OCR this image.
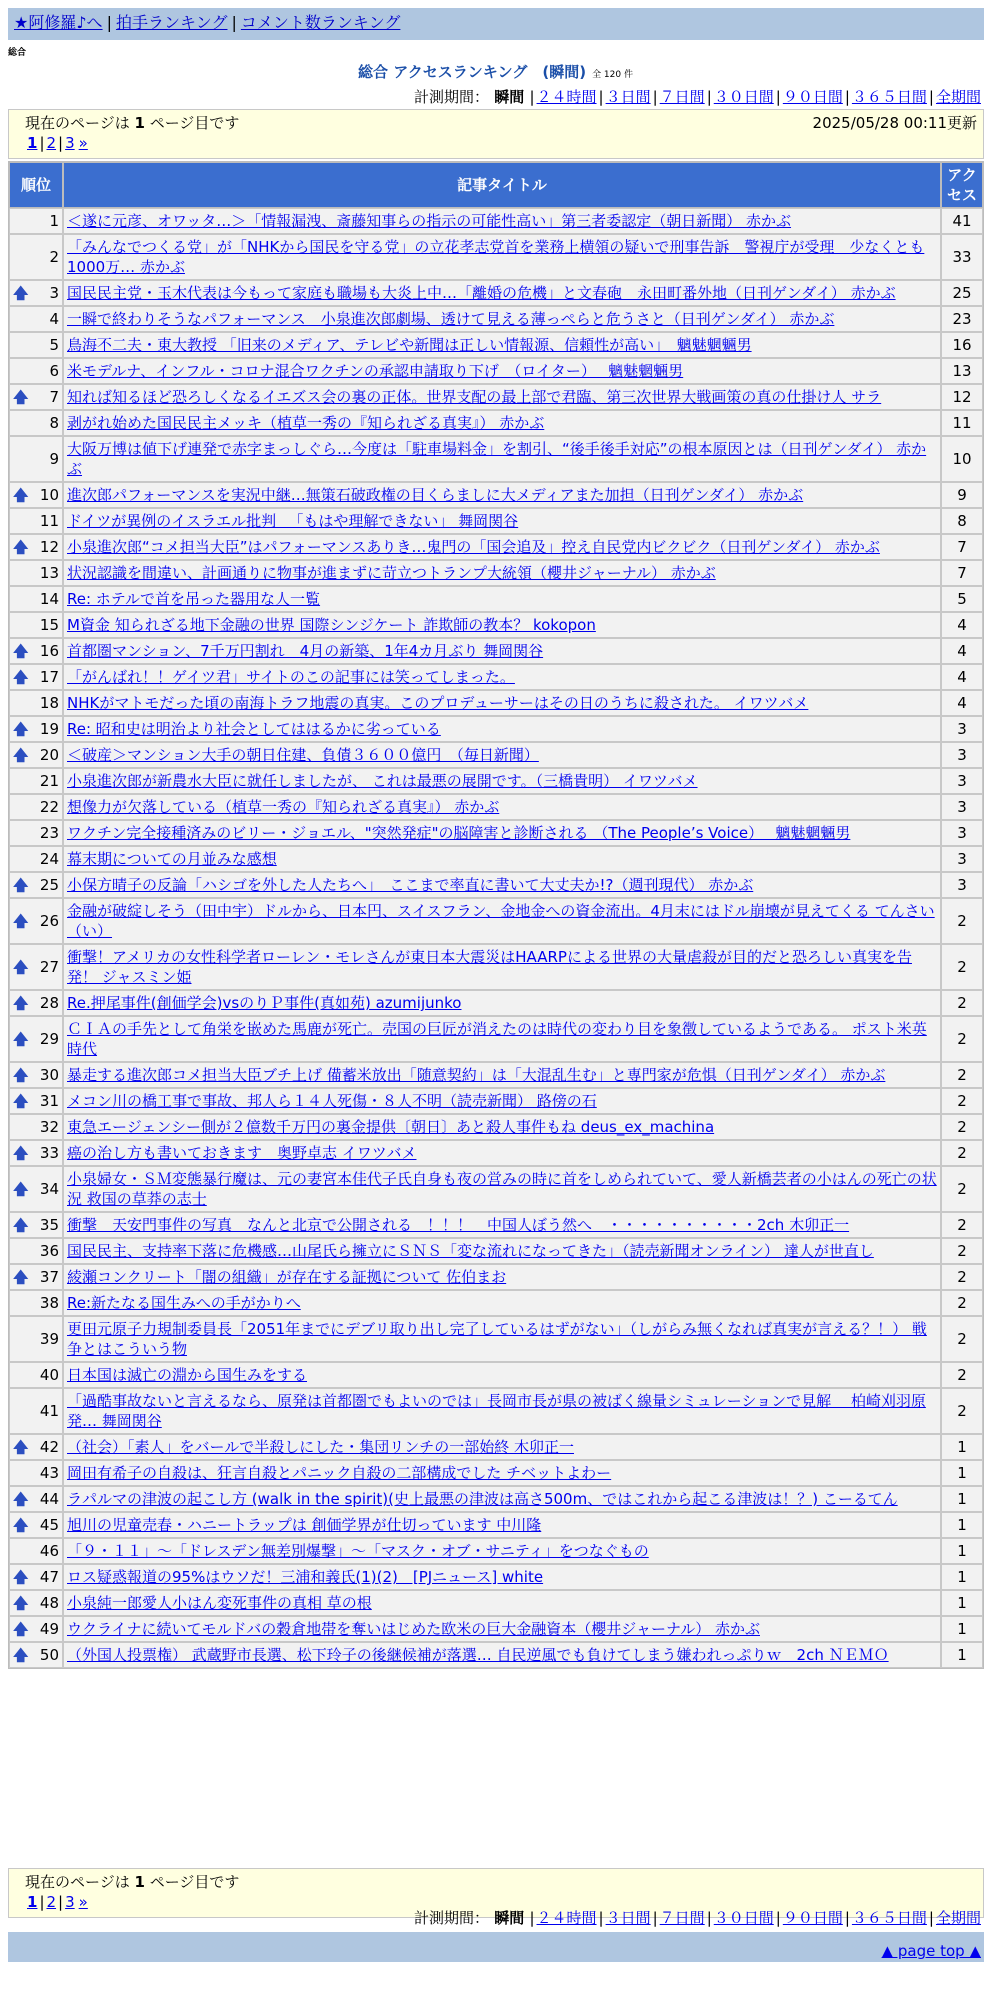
★阿修羅♪へ | 拍手ランキング | コメント数ランキング
総合
総合 アクセスランキング　(瞬間) 全 120 件
計測期間： 瞬間 | ２４時間 | ３日間 | ７日間 | ３０日間 | ９０日間 | ３６５日間 | 全期間
現在のページは 1 ページ目です	2025/05/28 00:11更新
1 | 2 | 3 »
順位	記事タイトル	アクセス
1	＜遂に元彦、オワッタ…＞「情報漏洩、斎藤知事らの指示の可能性高い」第三者委認定（朝日新聞） 赤かぶ	41
2	「みんなでつくる党」が「NHKから国民を守る党」の立花孝志党首を業務上横領の疑いで刑事告訴　警視庁が受理　少なくとも1000万… 赤かぶ	33

🡅 3	国民民主党・玉木代表は今もって家庭も職場も大炎上中…「離婚の危機」と文春砲　永田町番外地（日刊ゲンダイ） 赤かぶ	25
4	一瞬で終わりそうなパフォーマンス　小泉進次郎劇場、透けて見える薄っぺらと危うさと（日刊ゲンダイ） 赤かぶ	23
5	鳥海不二夫・東大教授 「旧来のメディア、テレビや新聞は正しい情報源、信頼性が高い」　魑魅魍魎男	16
6	米モデルナ、インフル・コロナ混合ワクチンの承認申請取り下げ　（ロイター）　 魑魅魍魎男	13

🡅 7	知れば知るほど恐ろしくなるイエズス会の裏の正体。世界支配の最上部で君臨、第三次世界大戦画策の真の仕掛け人 サラ	12
8	剥がれ始めた国民民主メッキ（植草一秀の『知られざる真実』） 赤かぶ	11
9	大阪万博は値下げ連発で赤字まっしぐら…今度は「駐車場料金」を割引、“後手後手対応”の根本原因とは（日刊ゲンダイ） 赤かぶ	10

🡅 10	進次郎パフォーマンスを実況中継…無策石破政権の目くらましに大メディアまた加担（日刊ゲンダイ） 赤かぶ	9
11	ドイツが異例のイスラエル批判 　「もはや理解できない」 舞岡関谷	8

🡅 12	小泉進次郎“コメ担当大臣”はパフォーマンスありき…鬼門の「国会追及」控え自民党内ビクビク（日刊ゲンダイ） 赤かぶ	7
13	状況認識を間違い、計画通りに物事が進まずに苛立つトランプ大統領（櫻井ジャーナル） 赤かぶ	7
14	Re: ホテルで首を吊った器用な人一覧	5
15	M資金 知られざる地下金融の世界 国際シンジケート 詐欺師の教本？ kokopon	4

🡅 16	首都圏マンション、7千万円割れ　4月の新築、1年4カ月ぶり 舞岡関谷	4

🡅 17	「がんばれ！！ゲイツ君」サイトのこの記事には笑ってしまった。	4
18	NHKがマトモだった頃の南海トラフ地震の真実。このプロデューサーはその日のうちに殺された。 イワツバメ	4

🡅 19	Re: 昭和史は明治より社会としてははるかに劣っている	3

🡅 20	＜破産＞マンション大手の朝日住建、負債３６００億円　（毎日新聞）	3
21	小泉進次郎が新農水大臣に就任しましたが、 これは最悪の展開です。（三橋貴明） イワツバメ	3
22	想像力が欠落している（植草一秀の『知られざる真実』） 赤かぶ	3
23	ワクチン完全接種済みのビリー・ジョエル、"突然発症"の脳障害と診断される （The People’s Voice）　 魑魅魍魎男	3
24	幕末期についての月並みな感想	3

🡅 25	小保方晴子の反論「ハシゴを外した人たちへ」　ここまで率直に書いて大丈夫か!?（週刊現代） 赤かぶ	3

🡅 26	金融が破綻しそう（田中宇）ドルから、日本円、スイスフラン、金地金への資金流出。4月末にはドル崩壊が見えてくる てんさい（い）	2

🡅 27	衝撃！アメリカの女性科学者ローレン・モレさんが東日本大震災はHAARPによる世界の大量虐殺が目的だと恐ろしい真実を告発！ ジャスミン姫	2

🡅 28	Re.押尾事件(創価学会)vsのりＰ事件(真如苑) azumijunko	2

🡅 29	ＣＩＡの手先として角栄を嵌めた馬鹿が死亡。売国の巨匠が消えたのは時代の変わり目を象徴しているようである。 ポスト米英時代	2

🡅 30	暴走する進次郎コメ担当大臣ブチ上げ 備蓄米放出「随意契約」は「大混乱生む」と専門家が危惧（日刊ゲンダイ） 赤かぶ	2

🡅 31	メコン川の橋工事で事故、邦人ら１４人死傷・８人不明（読売新聞） 路傍の石	2
32	東急エージェンシー側が２億数千万円の裏金提供〔朝日〕あと殺人事件もね deus_ex_machina	2

🡅 33	癌の治し方も書いておきます　奥野卓志 イワツバメ	2

🡅 34	小泉婦女・ＳＭ変態暴行魔は、元の妻宮本佳代子氏自身も夜の営みの時に首をしめられていて、愛人新橋芸者の小はんの死亡の状況 救国の草莽の志士	2

🡅 35	衝撃　天安門事件の写真　なんと北京で公開される　！！！　中国人ぼう然へ　・・・・・・・・・・2ch 木卯正一	2
36	国民民主、支持率下落に危機感…山尾氏ら擁立にＳＮＳ「変な流れになってきた」（読売新聞オンライン） 達人が世直し	2

🡅 37	綾瀬コンクリート「闇の組織」が存在する証拠について 佐伯まお	2
38	Re:新たなる国生みへの手がかりへ	2
39	更田元原子力規制委員長「2051年までにデブリ取り出し完了しているはずがない」（しがらみ無くなれば真実が言える？！） 戦争とはこういう物	2
40	日本国は滅亡の淵から国生みをする	2
41	「過酷事故ないと言えるなら、原発は首都圏でもよいのでは」長岡市長が県の被ばく線量シミュレーションで見解　 柏崎刈羽原発… 舞岡関谷	2

🡅 42	（社会）「素人」をバールで半殺しにした・集団リンチの一部始終 木卯正一	1
43	岡田有希子の自殺は、狂言自殺とパニック自殺の二部構成でした チベットよわー	1

🡅 44	ラパルマの津波の起こし方 (walk in the spirit)(史上最悪の津波は高さ500m、ではこれから起こる津波は！？) こーるてん	1

🡅 45	旭川の児童売春・ハニートラップは 創価学界が仕切っています 中川隆	1
46	「９・１１」～「ドレスデン無差別爆撃」～「マスク・オブ・サニティ」をつなぐもの	1

🡅 47	ロス疑惑報道の95%はウソだ！三浦和義氏(1)(2)　[PJニュース] white	1

🡅 48	小泉純一郎愛人小はん変死事件の真相 草の根	1

🡅 49	ウクライナに続いてモルドバの穀倉地帯を奪いはじめた欧米の巨大金融資本（櫻井ジャーナル） 赤かぶ	1

🡅 50	（外国人投票権） 武蔵野市長選、松下玲子の後継候補が落選… 自民逆風でも負けてしまう嫌われっぷりｗ　2ch ＮＥＭＯ	1
現在のページは 1 ページ目です
1 | 2 | 3 »
計測期間： 瞬間 | ２４時間 | ３日間 | ７日間 | ３０日間 | ９０日間 | ３６５日間 | 全期間
▲ page top ▲
